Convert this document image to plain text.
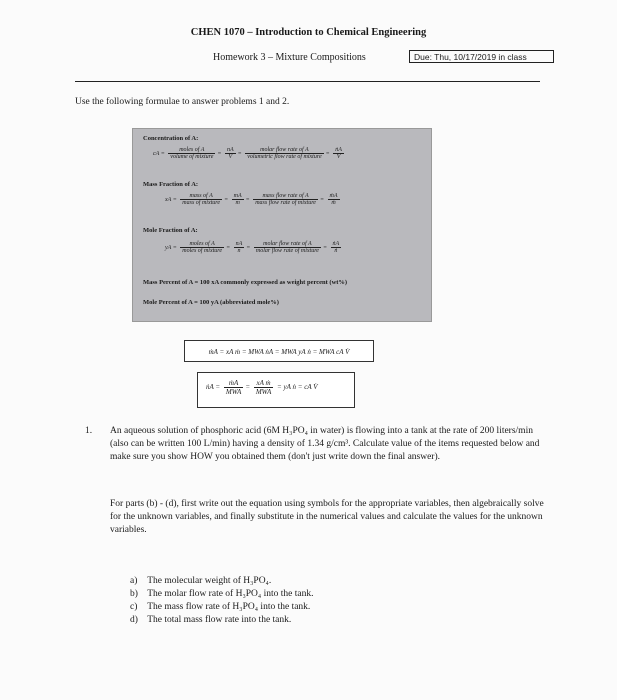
CHEN 1070 – Introduction to Chemical Engineering
Homework 3 – Mixture Compositions	Due: Thu, 10/17/2019 in class
Use the following formulae to answer problems 1 and 2.
Concentration of A:
cA = $\frac{\text{moles of A}}{\text{volume of mixture}} = \frac{nA}{V} = \frac{\text{molar flow rate of A}}{\text{volumetric flow rate of mixture}} = \frac{\text{ṅA}}{V̇}$
Mass Fraction of A:
xA = $\frac{\text{mass of A}}{\text{mass of mixture}} = \frac{mA}{m} = \frac{\text{mass flow rate of A}}{\text{mass flow rate of mixture}} = \frac{\text{ṁA}}{\text{ṁ}}$
Mole Fraction of A:
yA = $\frac{\text{moles of A}}{\text{moles of mixture}} = \frac{nA}{n} = \frac{\text{molar flow rate of A}}{\text{molar flow rate of mixture}} = \frac{\text{ṅA}}{\text{ṅ}}$
Mass Percent of A = 100 xA commonly expressed as weight percent (wt%)
Mole Percent of A = 100 yA (abbreviated mole%)
ṁA = xA ṁ = MWA ṅA = MWA yA ṅ = MWA cA V̇
ṅA = $\frac{\text{ṁA}}{\text{MWA}} = \frac{\text{xA ṁ}}{\text{MWA}}$ = yA ṅ = cA V̇
1. An aqueous solution of phosphoric acid (6M H₃PO₄ in water) is flowing into a tank at the rate of 200 liters/min (also can be written 100 L/min) having a density of 1.34 g/cm³. Calculate value of the items requested below and make sure you show HOW you obtained them (don't just write down the final answer).
For parts (b) - (d), first write out the equation using symbols for the appropriate variables, then algebraically solve for the unknown variables, and finally substitute in the numerical values and calculate the values for the unknown variables.
a) The molecular weight of H₃PO₄.
b) The molar flow rate of H₃PO₄ into the tank.
c) The mass flow rate of H₃PO₄ into the tank.
d) The total mass flow rate into the tank.
